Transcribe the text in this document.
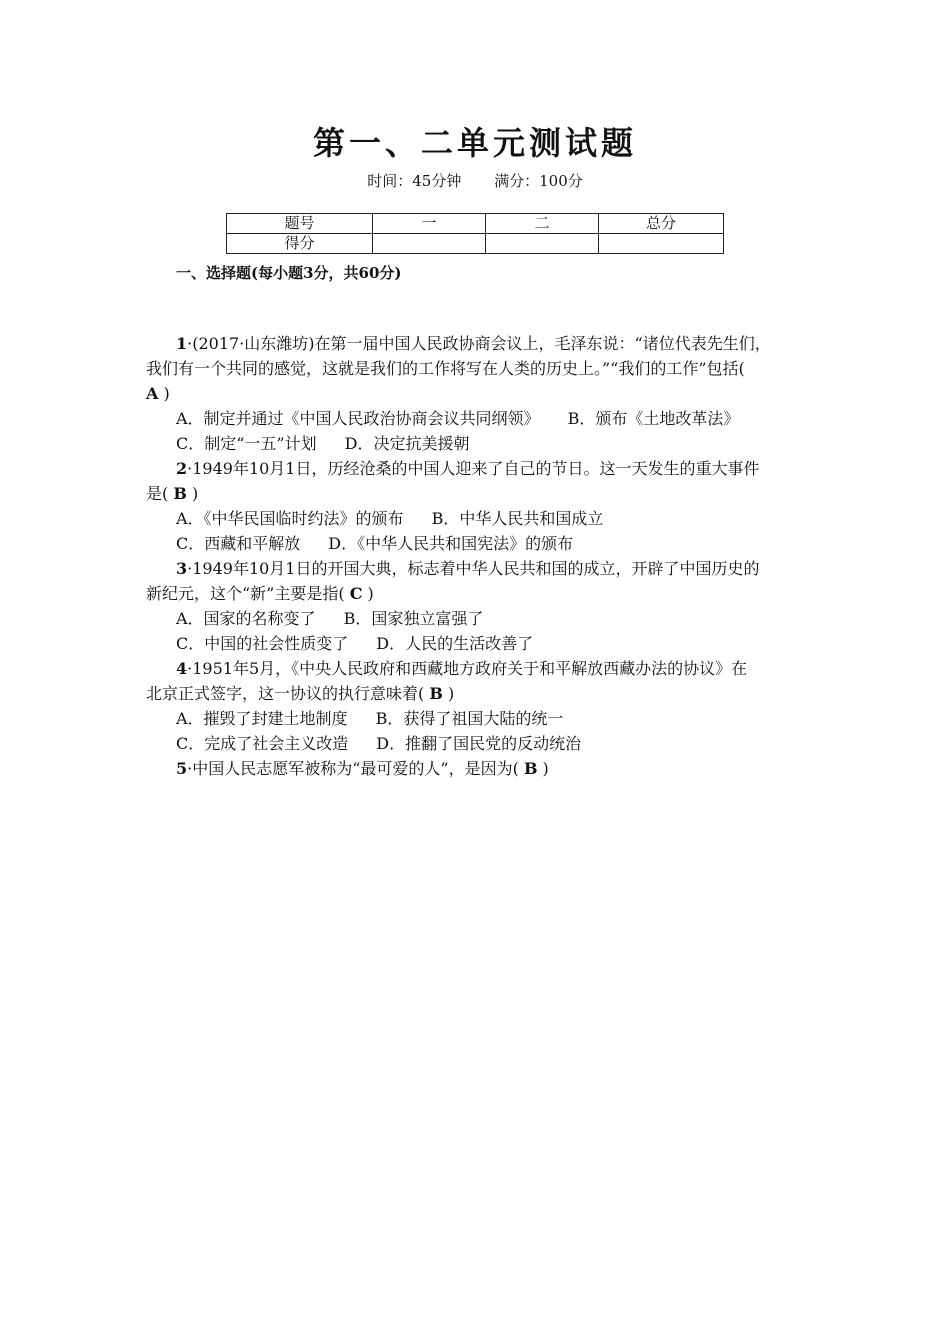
第一、二单元测试题
时间：45分钟 满分：100分
题号	一	二	总分
得分			
一、选择题(每小题3分，共60分)
1·(2017·山东潍坊)在第一届中国人民政协商会议上，毛泽东说：“诸位代表先生们，
我们有一个共同的感觉，这就是我们的工作将写在人类的历史上。”“我们的工作”包括(
A )
A．制定并通过《中国人民政治协商会议共同纲领》 B．颁布《土地改革法》
C．制定“一五”计划 D．决定抗美援朝
2·1949年10月1日，历经沧桑的中国人迎来了自己的节日。这一天发生的重大事件
是( B )
A．《中华民国临时约法》的颁布 B．中华人民共和国成立
C．西藏和平解放 D．《中华人民共和国宪法》的颁布
3·1949年10月1日的开国大典，标志着中华人民共和国的成立，开辟了中国历史的
新纪元，这个“新”主要是指( C )
A．国家的名称变了 B．国家独立富强了
C．中国的社会性质变了 D．人民的生活改善了
4·1951年5月，《中央人民政府和西藏地方政府关于和平解放西藏办法的协议》在
北京正式签字，这一协议的执行意味着( B )
A．摧毁了封建土地制度 B．获得了祖国大陆的统一
C．完成了社会主义改造 D．推翻了国民党的反动统治
5·中国人民志愿军被称为“最可爱的人”，是因为( B )
